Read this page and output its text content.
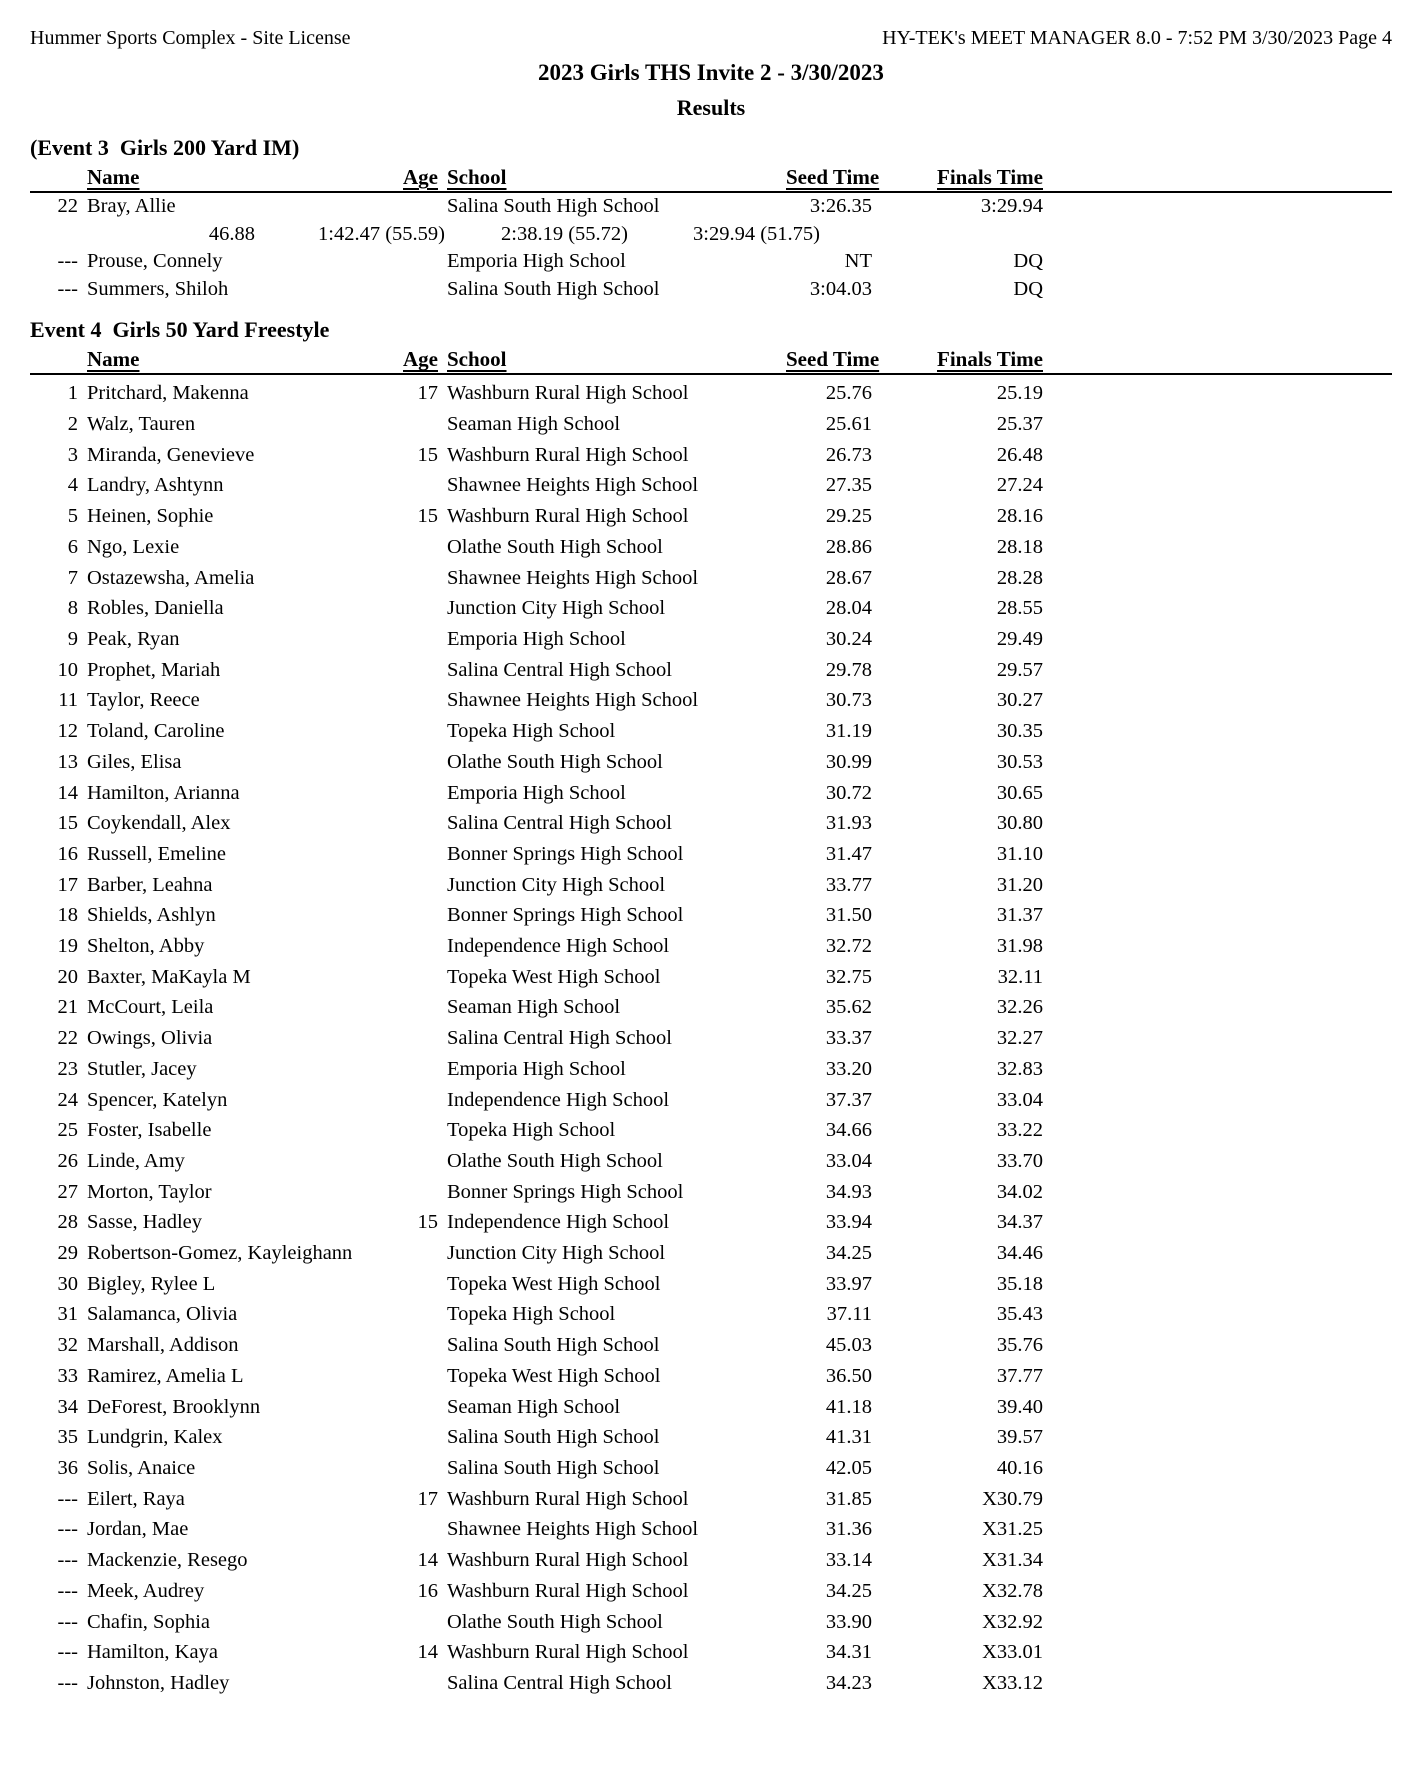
Hummer Sports Complex - Site License	HY-TEK's MEET MANAGER 8.0 - 7:52 PM 3/30/2023 Page 4
2023 Girls THS Invite 2 - 3/30/2023
Results
(Event 3  Girls 200 Yard IM)
Name	Age School	Seed Time	Finals Time
22 Bray, Allie	Salina South High School	3:26.35	3:29.94
46.88	1:42.47 (55.59)	2:38.19 (55.72)	3:29.94 (51.75)
--- Prouse, Connely	Emporia High School	NT	DQ
--- Summers, Shiloh	Salina South High School	3:04.03	DQ
Event 4  Girls 50 Yard Freestyle
Name	Age School	Seed Time	Finals Time
1 Pritchard, Makenna	17 Washburn Rural High School	25.76	25.19
2 Walz, Tauren	Seaman High School	25.61	25.37
3 Miranda, Genevieve	15 Washburn Rural High School	26.73	26.48
4 Landry, Ashtynn	Shawnee Heights High School	27.35	27.24
5 Heinen, Sophie	15 Washburn Rural High School	29.25	28.16
6 Ngo, Lexie	Olathe South High School	28.86	28.18
7 Ostazewsha, Amelia	Shawnee Heights High School	28.67	28.28
8 Robles, Daniella	Junction City High School	28.04	28.55
9 Peak, Ryan	Emporia High School	30.24	29.49
10 Prophet, Mariah	Salina Central High School	29.78	29.57
11 Taylor, Reece	Shawnee Heights High School	30.73	30.27
12 Toland, Caroline	Topeka High School	31.19	30.35
13 Giles, Elisa	Olathe South High School	30.99	30.53
14 Hamilton, Arianna	Emporia High School	30.72	30.65
15 Coykendall, Alex	Salina Central High School	31.93	30.80
16 Russell, Emeline	Bonner Springs High School	31.47	31.10
17 Barber, Leahna	Junction City High School	33.77	31.20
18 Shields, Ashlyn	Bonner Springs High School	31.50	31.37
19 Shelton, Abby	Independence High School	32.72	31.98
20 Baxter, MaKayla M	Topeka West High School	32.75	32.11
21 McCourt, Leila	Seaman High School	35.62	32.26
22 Owings, Olivia	Salina Central High School	33.37	32.27
23 Stutler, Jacey	Emporia High School	33.20	32.83
24 Spencer, Katelyn	Independence High School	37.37	33.04
25 Foster, Isabelle	Topeka High School	34.66	33.22
26 Linde, Amy	Olathe South High School	33.04	33.70
27 Morton, Taylor	Bonner Springs High School	34.93	34.02
28 Sasse, Hadley	15 Independence High School	33.94	34.37
29 Robertson-Gomez, Kayleighann	Junction City High School	34.25	34.46
30 Bigley, Rylee L	Topeka West High School	33.97	35.18
31 Salamanca, Olivia	Topeka High School	37.11	35.43
32 Marshall, Addison	Salina South High School	45.03	35.76
33 Ramirez, Amelia L	Topeka West High School	36.50	37.77
34 DeForest, Brooklynn	Seaman High School	41.18	39.40
35 Lundgrin, Kalex	Salina South High School	41.31	39.57
36 Solis, Anaice	Salina South High School	42.05	40.16
--- Eilert, Raya	17 Washburn Rural High School	31.85	X30.79
--- Jordan, Mae	Shawnee Heights High School	31.36	X31.25
--- Mackenzie, Resego	14 Washburn Rural High School	33.14	X31.34
--- Meek, Audrey	16 Washburn Rural High School	34.25	X32.78
--- Chafin, Sophia	Olathe South High School	33.90	X32.92
--- Hamilton, Kaya	14 Washburn Rural High School	34.31	X33.01
--- Johnston, Hadley	Salina Central High School	34.23	X33.12
